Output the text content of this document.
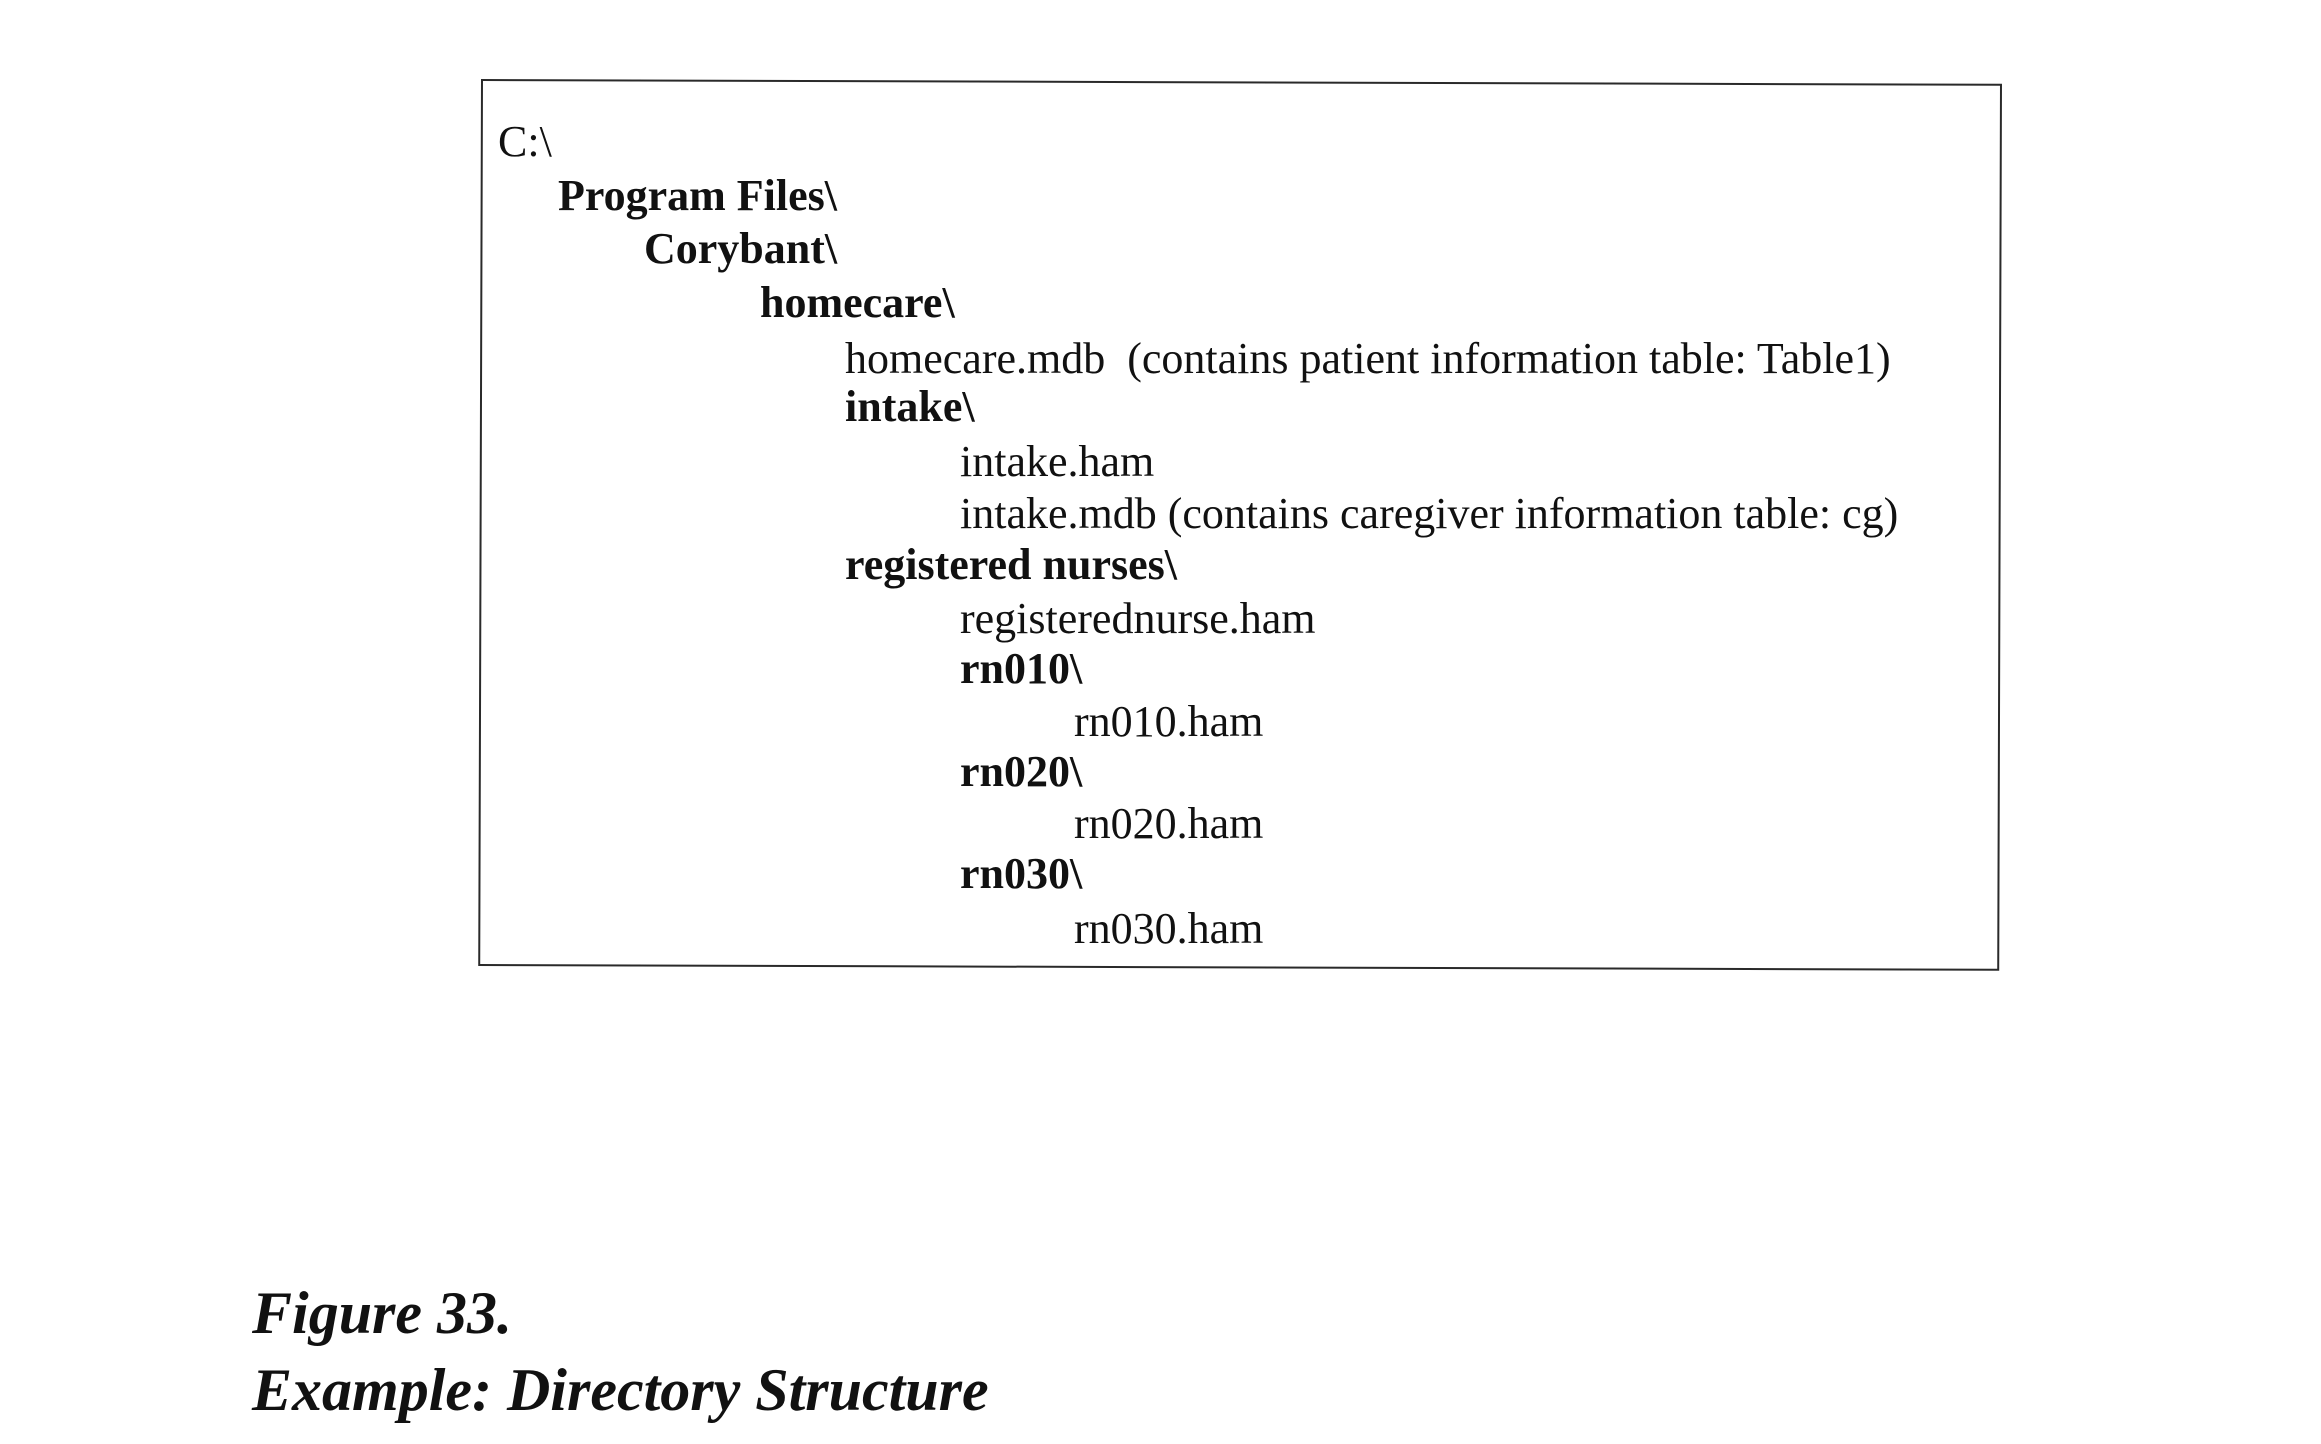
C:\
Program Files\
Corybant\
homecare\
homecare.mdb  (contains patient information table: Table1)
intake\
intake.ham
intake.mdb (contains caregiver information table: cg)
registered nurses\
registerednurse.ham
rn010\
rn010.ham
rn020\
rn020.ham
rn030\
rn030.ham
Figure 33.
Example: Directory Structure
